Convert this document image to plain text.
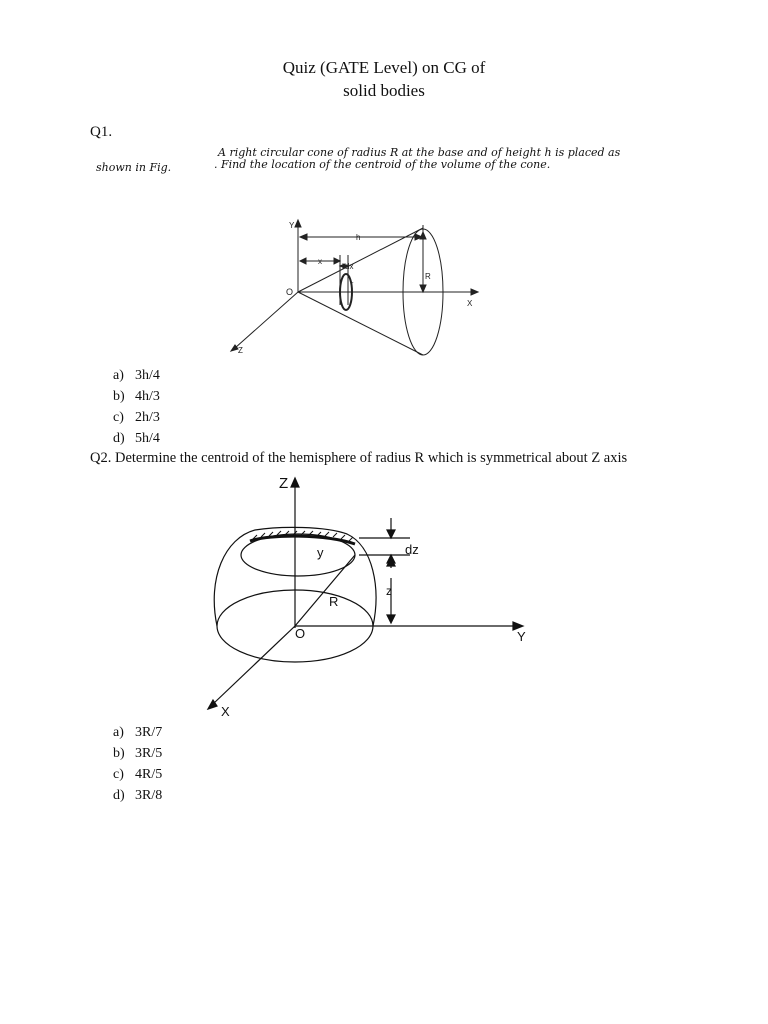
Quiz (GATE Level) on CG of
solid bodies
Q1.
A right circular cone of radius R at the base and of height h is placed as
. Find the location of the centroid of the volume of the cone.
shown in Fig.
Y
h
x
dx
r
R
O
X
Z
a) 3h/4
b) 4h/3
c) 2h/3
d) 5h/4
Q2. Determine the centroid of the hemisphere of radius R which is symmetrical about Z axis
Z
y	dz
z
R
O	Y
X
a) 3R/7
b) 3R/5
c) 4R/5
d) 3R/8
